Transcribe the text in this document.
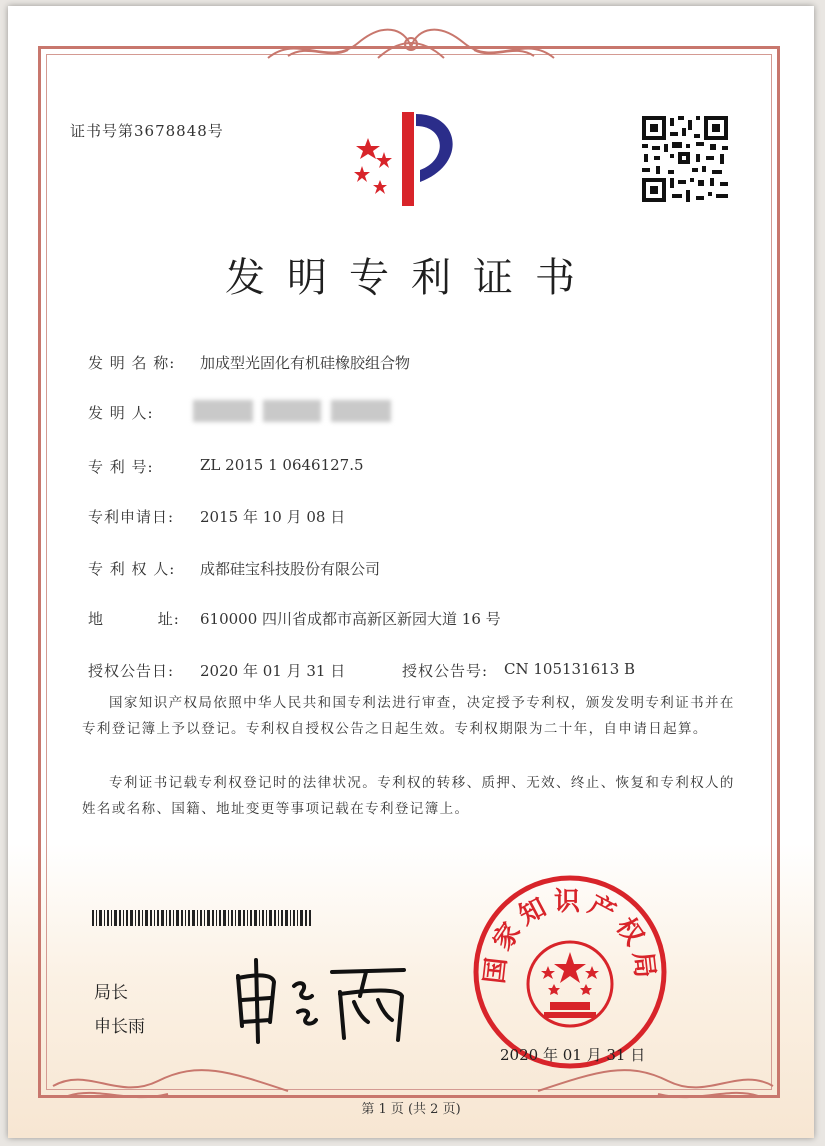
证书号第3678848号
发明专利证书
发 明 名 称: 加成型光固化有机硅橡胶组合物
发 明 人:
专 利 号:	ZL 2015 1 0646127.5
专利申请日: 2015 年 10 月 08 日
专 利 权 人: 成都硅宝科技股份有限公司
地 址: 610000 四川省成都市高新区新园大道 16 号
授权公告日: 2020 年 01 月 31 日	授权公告号: CN 105131613 B
国家知识产权局依照中华人民共和国专利法进行审查，决定授予专利权，颁发发明专利证书并在专利登记簿上予以登记。专利权自授权公告之日起生效。专利权期限为二十年，自申请日起算。
专利证书记载专利权登记时的法律状况。专利权的转移、质押、无效、终止、恢复和专利权人的姓名或名称、国籍、地址变更等事项记载在专利登记簿上。
局长
申长雨
国家知识产权局
2020 年 01 月 31 日
第 1 页 (共 2 页)
